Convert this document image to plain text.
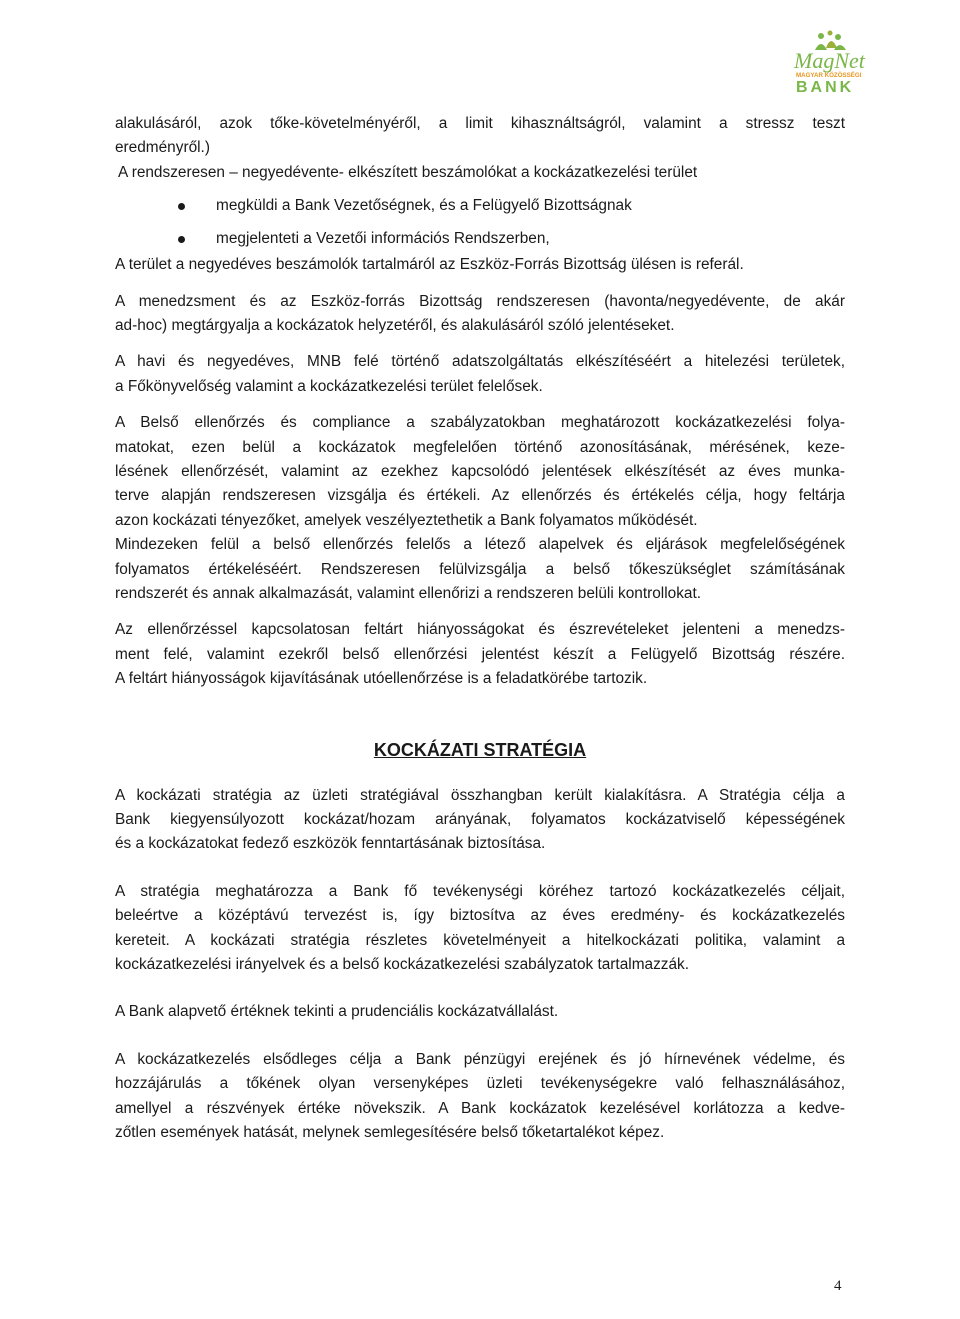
MagNet
MAGYAR KÖZÖSSÉGI
BANK

alakulásáról, azok tőke-követelményéről, a limit kihasználtságról, valamint a stressz teszt

eredményről.)

A rendszeresen – negyedévente- elkészített beszámolókat a kockázatkezelési terület

megküldi a Bank Vezetőségnek, és a Felügyelő Bizottságnak
megjelenteti a Vezetői információs Rendszerben,

A terület a negyedéves beszámolók tartalmáról az Eszköz-Forrás Bizottság ülésen is referál.

A menedzsment és az Eszköz-forrás Bizottság rendszeresen (havonta/negyedévente, de akár

ad-hoc) megtárgyalja a kockázatok helyzetéről, és alakulásáról szóló jelentéseket.

A havi és negyedéves, MNB felé történő adatszolgáltatás elkészítéséért a hitelezési területek,

a Főkönyvelőség valamint a kockázatkezelési terület felelősek.

A Belső ellenőrzés és compliance a szabályzatokban meghatározott kockázatkezelési folya-

matokat, ezen belül a kockázatok megfelelően történő azonosításának, mérésének, keze-

lésének ellenőrzését, valamint az ezekhez kapcsolódó jelentések elkészítését az éves munka-

terve alapján rendszeresen vizsgálja és értékeli. Az ellenőrzés és értékelés célja, hogy feltárja

azon kockázati tényezőket, amelyek veszélyeztethetik a Bank folyamatos működését.

Mindezeken felül a belső ellenőrzés felelős a létező alapelvek és eljárások megfelelőségének

folyamatos értékeléséért. Rendszeresen felülvizsgálja a belső tőkeszükséglet számításának

rendszerét és annak alkalmazását, valamint ellenőrizi a rendszeren belüli kontrollokat.

Az ellenőrzéssel kapcsolatosan feltárt hiányosságokat és észrevételeket jelenteni a menedzs-

ment felé, valamint ezekről belső ellenőrzési jelentést készít a Felügyelő Bizottság részére.

A feltárt hiányosságok kijavításának utóellenőrzése is a feladatkörébe tartozik.

KOCKÁZATI STRATÉGIA

A kockázati stratégia az üzleti stratégiával összhangban került kialakításra. A Stratégia célja a

Bank kiegyensúlyozott kockázat/hozam arányának, folyamatos kockázatviselő képességének

és a kockázatokat fedező eszközök fenntartásának biztosítása.

A stratégia meghatározza a Bank fő tevékenységi köréhez tartozó kockázatkezelés céljait,

beleértve a középtávú tervezést is, így biztosítva az éves eredmény- és kockázatkezelés

kereteit. A kockázati stratégia részletes követelményeit a hitelkockázati politika, valamint a

kockázatkezelési irányelvek és a belső kockázatkezelési szabályzatok tartalmazzák.

A Bank alapvető értéknek tekinti a prudenciális kockázatvállalást.

A kockázatkezelés elsődleges célja a Bank pénzügyi erejének és jó hírnevének védelme, és

hozzájárulás a tőkének olyan versenyképes üzleti tevékenységekre való felhasználásához,

amellyel a részvények értéke növekszik. A Bank kockázatok kezelésével korlátozza a kedve-

zőtlen események hatását, melynek semlegesítésére belső tőketartalékot képez.

4
